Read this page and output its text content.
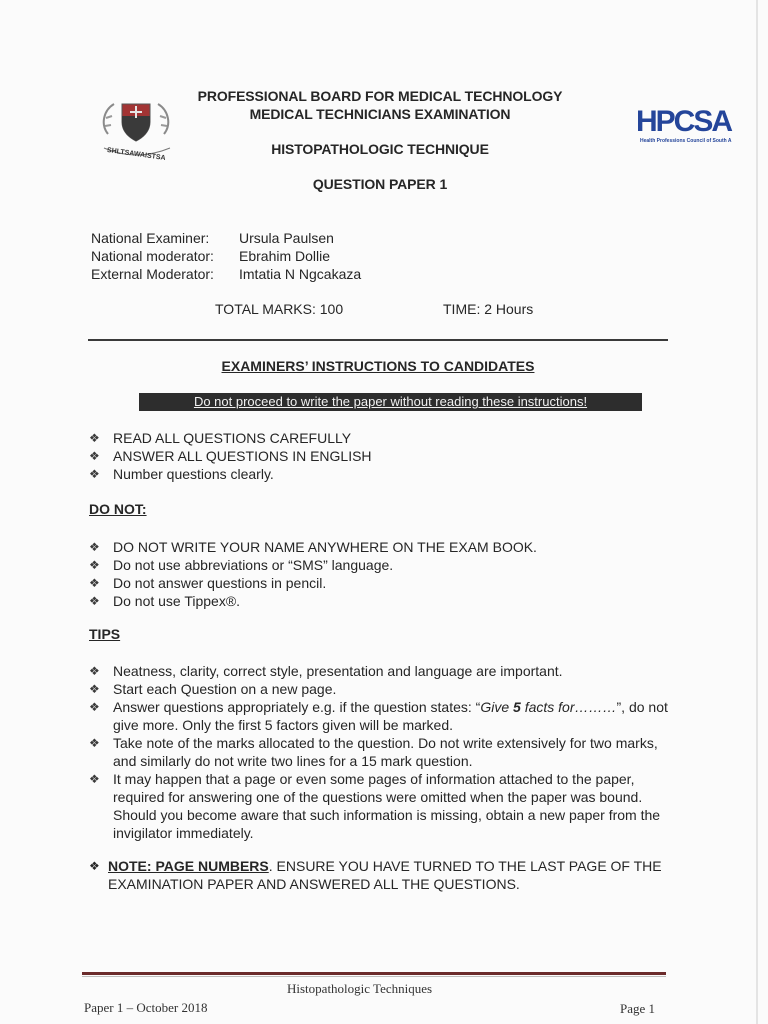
SHLTSAWAISTSA
HPCSA
Health Professions Council of South A
PROFESSIONAL BOARD FOR MEDICAL TECHNOLOGY
MEDICAL TECHNICIANS EXAMINATION
HISTOPATHOLOGIC TECHNIQUE
QUESTION PAPER 1
National Examiner:	Ursula Paulsen
National moderator:	Ebrahim Dollie
External Moderator:	Imtatia N Ngcakaza
TOTAL MARKS: 100	TIME: 2 Hours
EXAMINERS’ INSTRUCTIONS TO CANDIDATES
Do not proceed to write the paper without reading these instructions!
❖ READ ALL QUESTIONS CAREFULLY
❖ ANSWER ALL QUESTIONS IN ENGLISH
❖ Number questions clearly.
DO NOT:
❖ DO NOT WRITE YOUR NAME ANYWHERE ON THE EXAM BOOK.
❖ Do not use abbreviations or “SMS” language.
❖ Do not answer questions in pencil.
❖ Do not use Tippex®.
TIPS
❖ Neatness, clarity, correct style, presentation and language are important.
❖ Start each Question on a new page.
❖ Answer questions appropriately e.g. if the question states: “Give 5 facts for………”, do not give more. Only the first 5 factors given will be marked.
❖ Take note of the marks allocated to the question. Do not write extensively for two marks, and similarly do not write two lines for a 15 mark question.
❖ It may happen that a page or even some pages of information attached to the paper, required for answering one of the questions were omitted when the paper was bound. Should you become aware that such information is missing, obtain a new paper from the invigilator immediately.
❖ NOTE: PAGE NUMBERS. ENSURE YOU HAVE TURNED TO THE LAST PAGE OF THE EXAMINATION PAPER AND ANSWERED ALL THE QUESTIONS.
Histopathologic Techniques
Paper 1 – October 2018	Page 1
